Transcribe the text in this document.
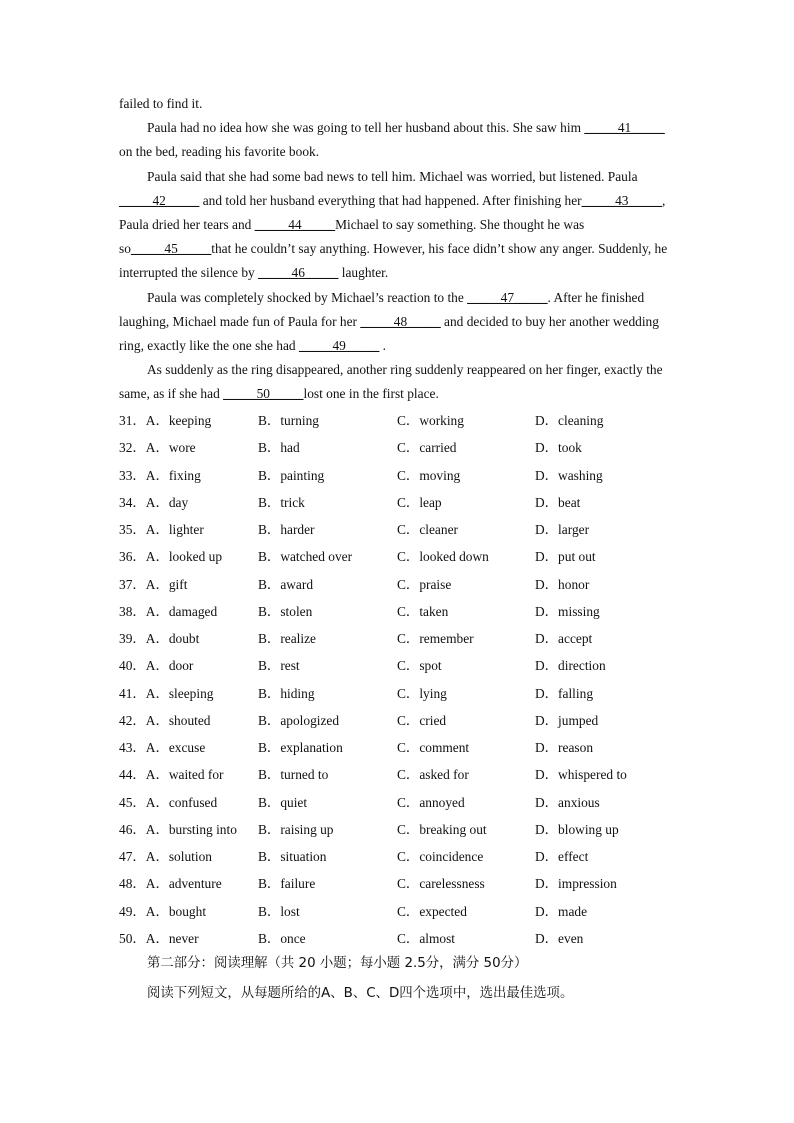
failed to find it.

Paula had no idea how she was going to tell her husband about this. She saw him _____41_____ on the bed, reading his favorite book.

Paula said that she had some bad news to tell him. Michael was worried, but listened. Paula _____42_____ and told her husband everything that had happened. After finishing her_____43_____, Paula dried her tears and _____44_____Michael to say something. She thought he was so_____45_____that he couldn’t say anything. However, his face didn’t show any anger. Suddenly, he interrupted the silence by _____46_____ laughter.

Paula was completely shocked by Michael’s reaction to the _____47_____. After he finished laughing, Michael made fun of Paula for her _____48_____ and decided to buy her another wedding ring, exactly like the one she had _____49_____ .

As suddenly as the ring disappeared, another ring suddenly reappeared on her finger, exactly the same, as if she had _____50_____lost one in the first place.

31．A．keeping	B．turning	C．working	D．cleaning
32．A．wore	B．had	C．carried	D．took
33．A．fixing	B．painting	C．moving	D．washing
34．A．day	B．trick	C．leap	D．beat
35．A．lighter	B．harder	C．cleaner	D．larger
36．A．looked up	B．watched over	C．looked down	D．put out
37．A．gift	B．award	C．praise	D．honor
38．A．damaged	B．stolen	C．taken	D．missing
39．A．doubt	B．realize	C．remember	D．accept
40．A．door	B．rest	C．spot	D．direction
41．A．sleeping	B．hiding	C．lying	D．falling
42．A．shouted	B．apologized	C．cried	D．jumped
43．A．excuse	B．explanation	C．comment	D．reason
44．A．waited for	B．turned to	C．asked for	D．whispered to
45．A．confused	B．quiet	C．annoyed	D．anxious
46．A．bursting into B．raising up	C．breaking out	D．blowing up
47．A．solution	B．situation	C．coincidence	D．effect
48．A．adventure	B．failure	C．carelessness	D．impression
49．A．bought	B．lost	C．expected	D．made
50．A．never	B．once	C．almost	D．even
第二部分：阅读理解（共 20 小题；每小题 2.5分，满分 50分）
阅读下列短文，从每题所给的A、B、C、D四个选项中，选出最佳选项。
